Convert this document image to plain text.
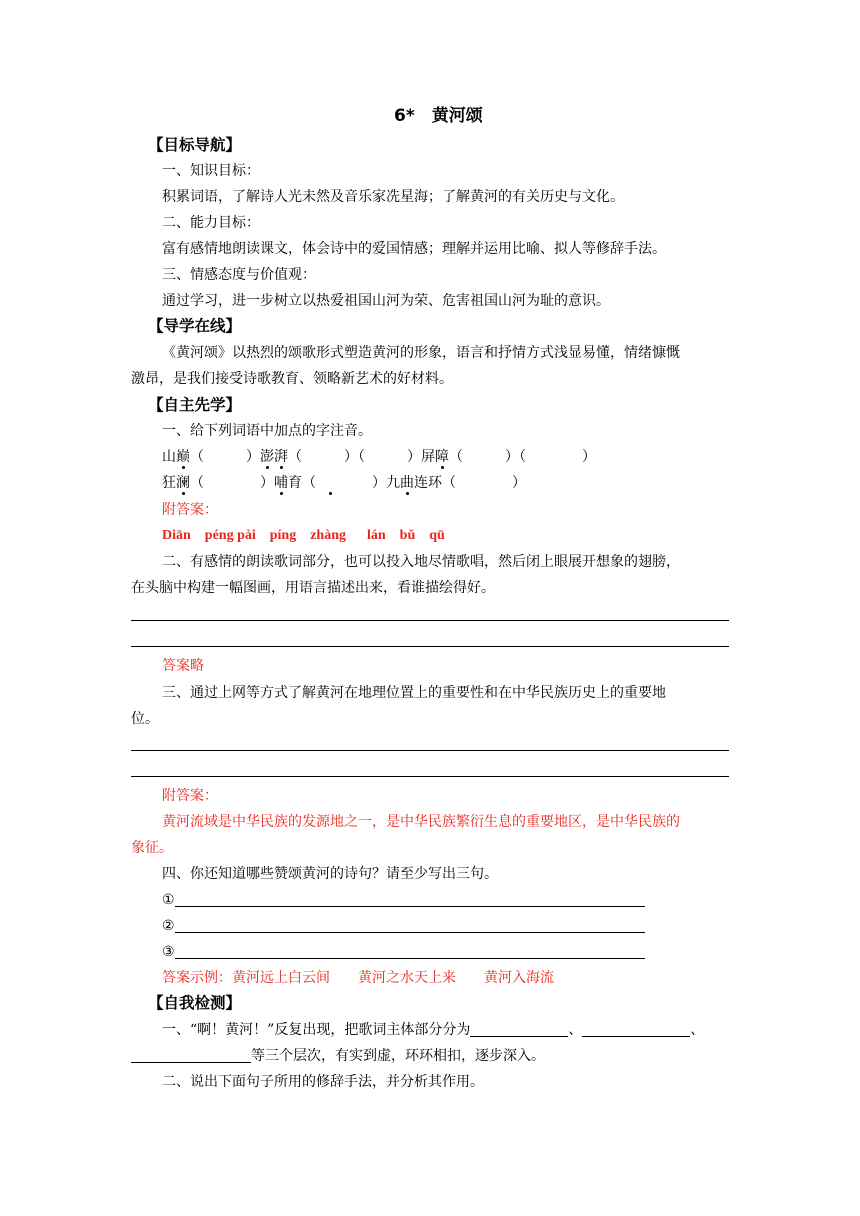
6*　黄河颂
【目标导航】
一、知识目标：
积累词语，了解诗人光未然及音乐家冼星海；了解黄河的有关历史与文化。
二、能力目标：
富有感情地朗读课文，体会诗中的爱国情感；理解并运用比喻、拟人等修辞手法。
三、情感态度与价值观：
通过学习，进一步树立以热爱祖国山河为荣、危害祖国山河为耻的意识。
【导学在线】
《黄河颂》以热烈的颂歌形式塑造黄河的形象，语言和抒情方式浅显易懂，情绪慷慨
激昂，是我们接受诗歌教育、领略新艺术的好材料。
【自主先学】
一、给下列词语中加点的字注音。
山巅（　　　）澎湃（　　　）（　　　）屏障（　　　）（　　　　）
狂澜（　　　　）哺育（　　　　）九曲连环（　　　　）
附答案：
Diān    péng pài    píng    zhàng      lán    bǔ    qū
二、有感情的朗读歌词部分，也可以投入地尽情歌唱，然后闭上眼展开想象的翅膀，
在头脑中构建一幅图画，用语言描述出来，看谁描绘得好。
答案略
三、通过上网等方式了解黄河在地理位置上的重要性和在中华民族历史上的重要地
位。
附答案：
黄河流域是中华民族的发源地之一，是中华民族繁衍生息的重要地区，是中华民族的
象征。
四、你还知道哪些赞颂黄河的诗句？请至少写出三句。
①
②
③
答案示例：黄河远上白云间　　黄河之水天上来　　黄河入海流
【自我检测】
一、“啊！黄河！”反复出现，把歌词主体部分分为	、	、
等三个层次，有实到虚，环环相扣，逐步深入。
二、说出下面句子所用的修辞手法，并分析其作用。
